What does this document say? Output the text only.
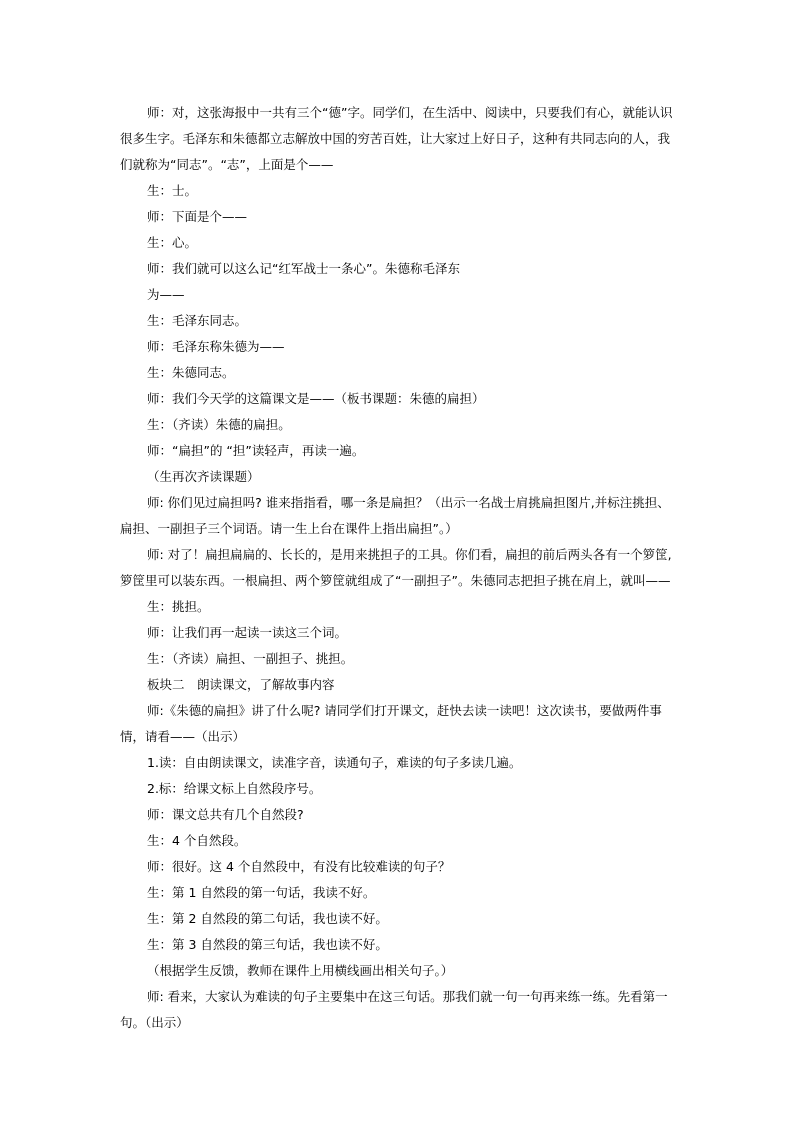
师：对，这张海报中一共有三个“德”字。同学们，在生活中、阅读中，只要我们有心，就能认识
很多生字。毛泽东和朱德都立志解放中国的穷苦百姓，让大家过上好日子，这种有共同志向的人，我
们就称为“同志”。“志”，上面是个——
生：士。
师：下面是个——
生：心。
师：我们就可以这么记“红军战士一条心”。朱德称毛泽东
为——
生：毛泽东同志。
师：毛泽东称朱德为——
生：朱德同志。
师：我们今天学的这篇课文是——（板书课题：朱德的扁担）
生：（齐读）朱德的扁担。
师：“扁担”的 “担”读轻声，再读一遍。
（生再次齐读课题）
师: 你们见过扁担吗? 谁来指指看，哪一条是扁担？（出示一名战士肩挑扁担图片,并标注挑担、
扁担、一副担子三个词语。请一生上台在课件上指出扁担”。）
师: 对了！扁担扁扁的、长长的，是用来挑担子的工具。你们看，扁担的前后两头各有一个箩筐,
箩筐里可以装东西。一根扁担、两个箩筐就组成了“一副担子”。朱德同志把担子挑在肩上，就叫——
生：挑担。
师：让我们再一起读一读这三个词。
生：（齐读）扁担、一副担子、挑担。
板块二　朗读课文，了解故事内容
师:《朱德的扁担》讲了什么呢? 请同学们打开课文，赶快去读一读吧！这次读书，要做两件事
情，请看——（出示）
1.读：自由朗读课文，读准字音，读通句子，难读的句子多读几遍。
2.标：给课文标上自然段序号。
师：课文总共有几个自然段?
生：4 个自然段。
师：很好。这 4 个自然段中，有没有比较难读的句子？
生：第 1 自然段的第一句话，我读不好。
生：第 2 自然段的第二句话，我也读不好。
生：第 3 自然段的第三句话，我也读不好。
（根据学生反馈，教师在课件上用横线画出相关句子。）
师: 看来，大家认为难读的句子主要集中在这三句话。那我们就一句一句再来练一练。先看第一
句。（出示）
